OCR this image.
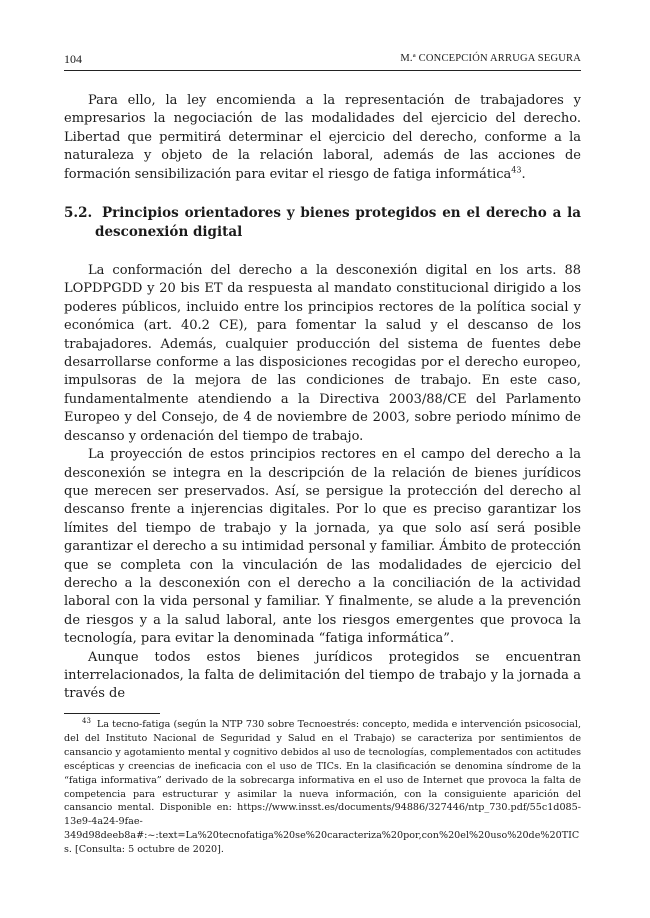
104	M.ª CONCEPCIÓN ARRUGA SEGURA

Para ello, la ley encomienda a la representación de trabajadores y empresarios la negociación de las modalidades del ejercicio del derecho. Libertad que permitirá determinar el ejercicio del derecho, conforme a la naturaleza y objeto de la relación laboral, además de las acciones de formación sensibilización para evitar el riesgo de fatiga informática$^{43}$.

5.2. Principios orientadores y bienes protegidos en el derecho a la desconexión digital

La conformación del derecho a la desconexión digital en los arts. 88 LOPDPGDD y 20 bis ET da respuesta al mandato constitucional dirigido a los poderes públicos, incluido entre los principios rectores de la política social y económica (art. 40.2 CE), para fomentar la salud y el descanso de los trabajadores. Además, cualquier producción del sistema de fuentes debe desarrollarse conforme a las disposiciones recogidas por el derecho europeo, impulsoras de la mejora de las condiciones de trabajo. En este caso, fundamentalmente atendiendo a la Directiva 2003/88/CE del Parlamento Europeo y del Consejo, de 4 de noviembre de 2003, sobre periodo mínimo de descanso y ordenación del tiempo de trabajo.

La proyección de estos principios rectores en el campo del derecho a la desconexión se integra en la descripción de la relación de bienes jurídicos que merecen ser preservados. Así, se persigue la protección del derecho al descanso frente a injerencias digitales. Por lo que es preciso garantizar los límites del tiempo de trabajo y la jornada, ya que solo así será posible garantizar el derecho a su intimidad personal y familiar. Ámbito de protección que se completa con la vinculación de las modalidades de ejercicio del derecho a la desconexión con el derecho a la conciliación de la actividad laboral con la vida personal y familiar. Y finalmente, se alude a la prevención de riesgos y a la salud laboral, ante los riesgos emergentes que provoca la tecnología, para evitar la denominada “fatiga informática”.

Aunque todos estos bienes jurídicos protegidos se encuentran interrelacionados, la falta de delimitación del tiempo de trabajo y la jornada a través de

$^{43}$ La tecno-fatiga (según la NTP 730 sobre Tecnoestrés: concepto, medida e intervención psicosocial, del del Instituto Nacional de Seguridad y Salud en el Trabajo) se caracteriza por sentimientos de cansancio y agotamiento mental y cognitivo debidos al uso de tecnologías, complementados con actitudes escépticas y creencias de ineficacia con el uso de TICs. En la clasificación se denomina síndrome de la “fatiga informativa” derivado de la sobrecarga informativa en el uso de Internet que provoca la falta de competencia para estructurar y asimilar la nueva información, con la consiguiente aparición del cansancio mental. Disponible en: https://www.insst.es/documents/94886/327446/ntp_730.pdf/55c1d085-13e9-4a24-9fae-349d98deeb8a#:~:text=La%20tecnofatiga%20se%20caracteriza%20por,con%20el%20uso%20de%20TICs. [Consulta: 5 octubre de 2020].
